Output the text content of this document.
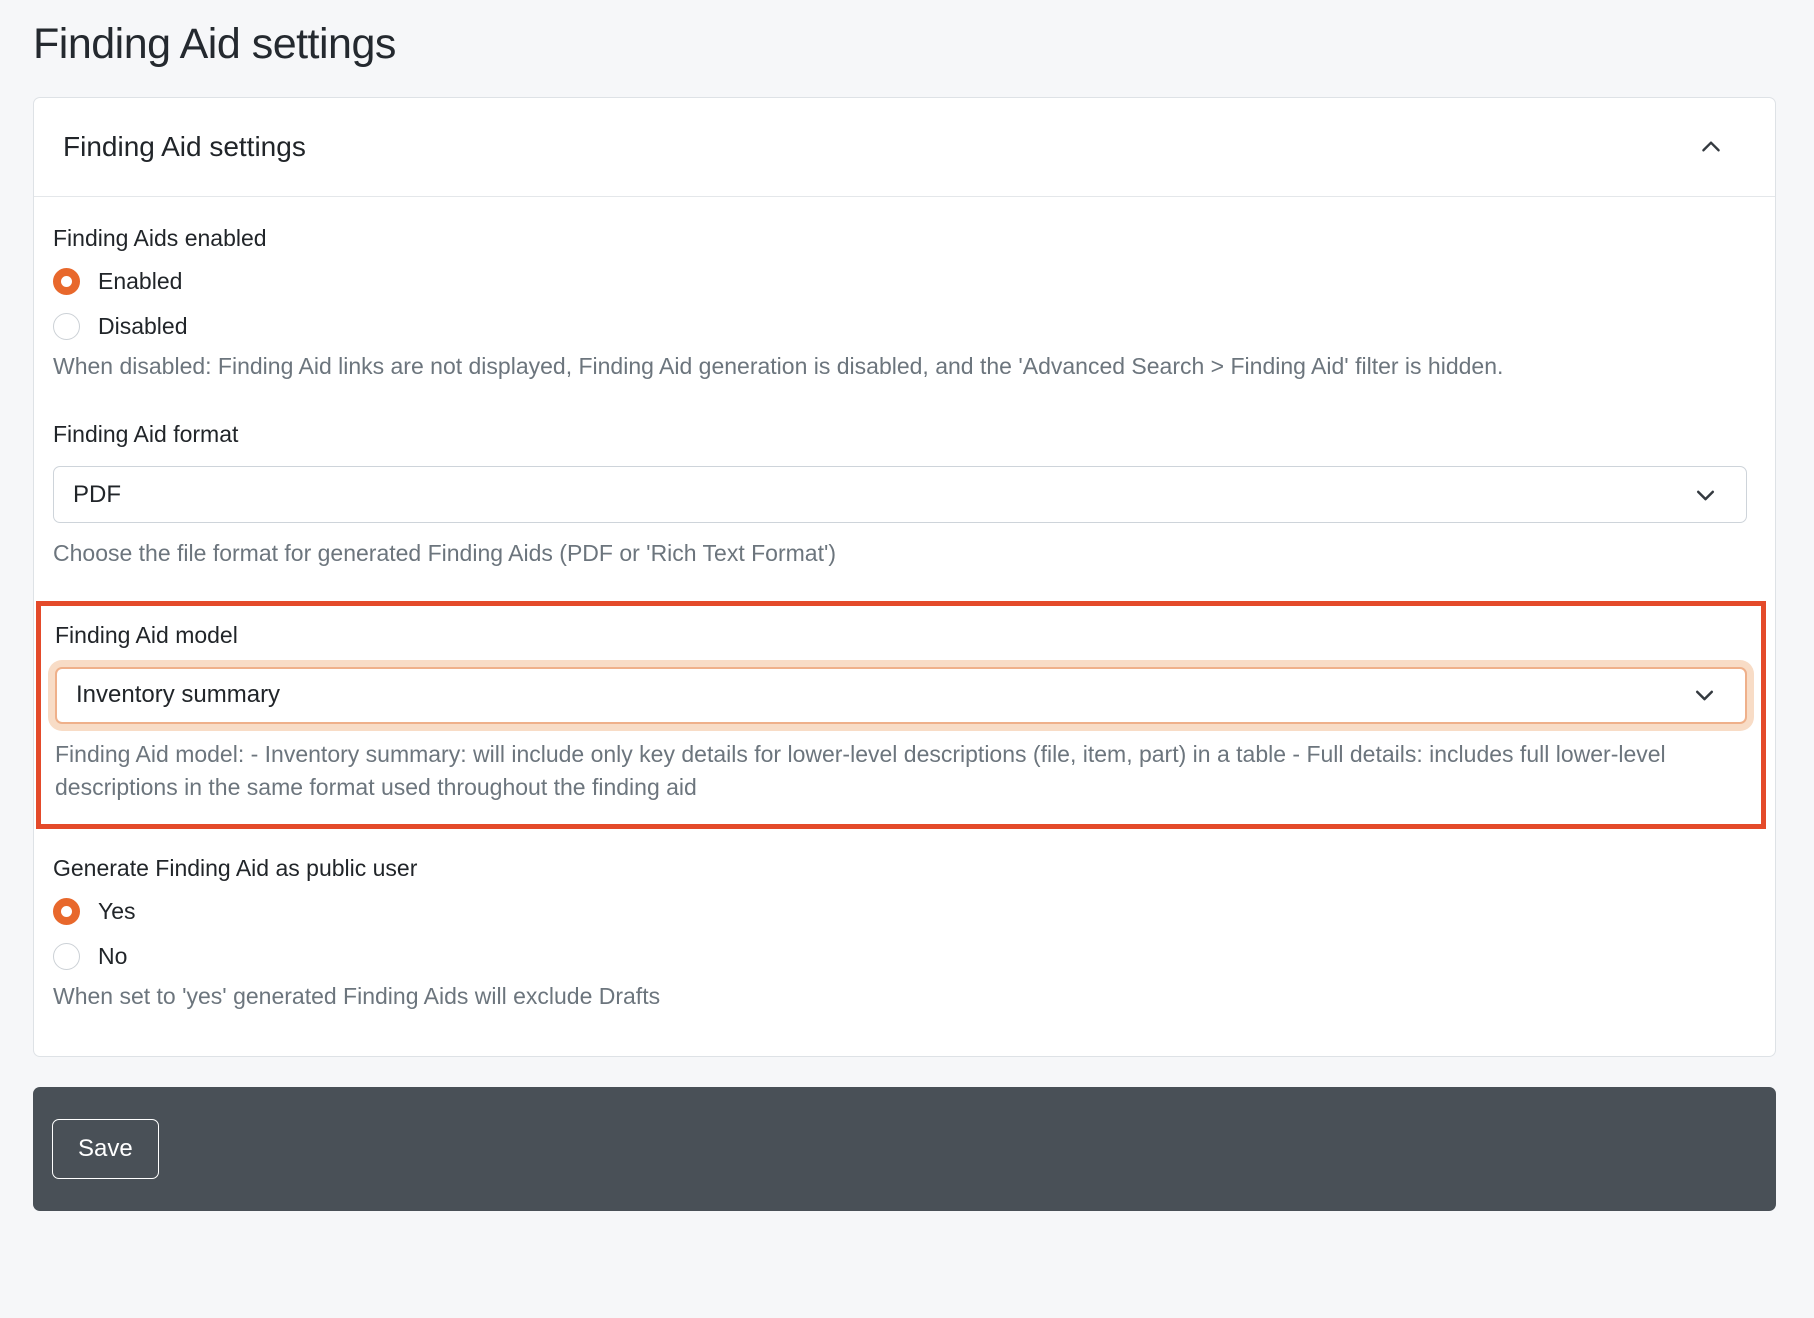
Finding Aid settings
Finding Aid settings
Finding Aids enabled
Enabled
Disabled
When disabled: Finding Aid links are not displayed, Finding Aid generation is disabled, and the 'Advanced Search > Finding Aid' filter is hidden.
Finding Aid format
PDF
Choose the file format for generated Finding Aids (PDF or 'Rich Text Format')
Finding Aid model
Inventory summary
Finding Aid model: - Inventory summary: will include only key details for lower-level descriptions (file, item, part) in a table - Full details: includes full lower-level descriptions in the same format used throughout the finding aid
Generate Finding Aid as public user
Yes
No
When set to 'yes' generated Finding Aids will exclude Drafts
Save
